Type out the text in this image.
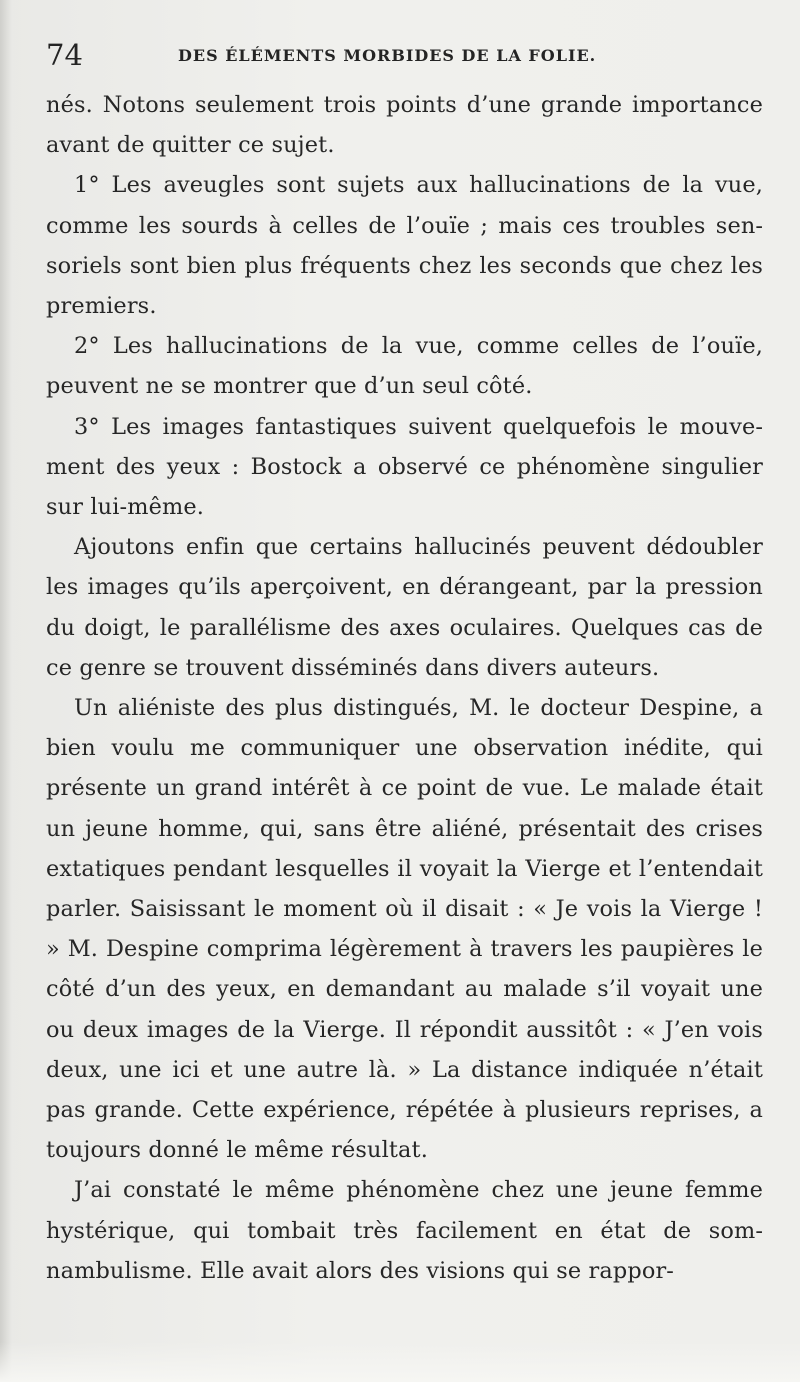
74	DES ÉLÉMENTS MORBIDES DE LA FOLIE.

nés. Notons seulement trois points d’une grande importance avant de quitter ce sujet.

1° Les aveugles sont sujets aux hallucinations de la vue, comme les sourds à celles de l’ouïe ; mais ces troubles sensoriels sont bien plus fréquents chez les seconds que chez les premiers.

2° Les hallucinations de la vue, comme celles de l’ouïe, peuvent ne se montrer que d’un seul côté.

3° Les images fantastiques suivent quelquefois le mouvement des yeux : Bostock a observé ce phénomène singulier sur lui-même.

Ajoutons enfin que certains hallucinés peuvent dédoubler les images qu’ils aperçoivent, en dérangeant, par la pression du doigt, le parallélisme des axes oculaires. Quelques cas de ce genre se trouvent disséminés dans divers auteurs.

Un aliéniste des plus distingués, M. le docteur Despine, a bien voulu me communiquer une observation inédite, qui présente un grand intérêt à ce point de vue. Le malade était un jeune homme, qui, sans être aliéné, présentait des crises extatiques pendant lesquelles il voyait la Vierge et l’entendait parler. Saisissant le moment où il disait : « Je vois la Vierge ! » M. Despine comprima légèrement à travers les paupières le côté d’un des yeux, en demandant au malade s’il voyait une ou deux images de la Vierge. Il répondit aussitôt : « J’en vois deux, une ici et une autre là. » La distance indiquée n’était pas grande. Cette expérience, répétée à plusieurs reprises, a toujours donné le même résultat.

J’ai constaté le même phénomène chez une jeune femme hystérique, qui tombait très facilement en état de somnambulisme. Elle avait alors des visions qui se rappor-
